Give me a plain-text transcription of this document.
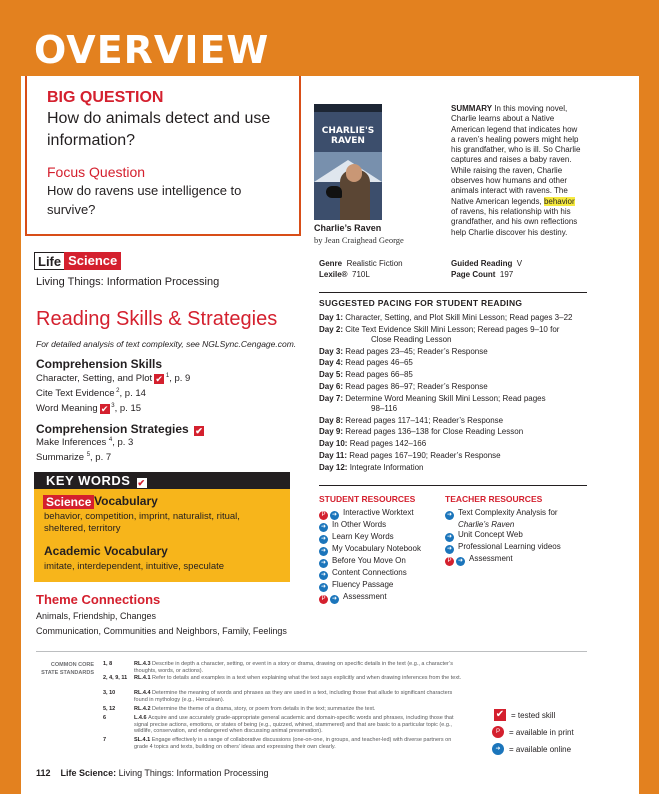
OVERVIEW
BIG QUESTION
How do animals detect and use information?
Focus Question
How do ravens use intelligence to survive?
CHARLIE'S RAVEN
Charlie’s Raven
by Jean Craighead George
SUMMARY In this moving novel, Charlie learns about a Native American legend that indicates how a raven’s healing powers might help his grandfather, who is ill. So Charlie captures and raises a baby raven. While raising the raven, Charlie observes how humans and other animals interact with ravens. The Native American legends, behavior of ravens, his relationship with his grandfather, and his own reflections help Charlie discover his destiny.
Genre Realistic Fiction	Guided Reading V
Lexile® 710L	Page Count 197
Life Science
Living Things: Information Processing
Reading Skills & Strategies
For detailed analysis of text complexity, see NGLSync.Cengage.com.
Comprehension Skills
Character, Setting, and Plot ✔ $^1$, p. 9
Cite Text Evidence $^2$, p. 14
Word Meaning ✔ $^3$, p. 15
Comprehension Strategies ✔
Make Inferences $^4$, p. 3
Summarize $^5$, p. 7
KEY WORDS ✔
Science Vocabulary
behavior, competition, imprint, naturalist, ritual, sheltered, territory
Academic Vocabulary
imitate, interdependent, intuitive, speculate
Theme Connections
Animals, Friendship, Changes
Communication, Communities and Neighbors, Family, Feelings
SUGGESTED PACING FOR STUDENT READING
Day 1: Character, Setting, and Plot Skill Mini Lesson; Read pages 3–22
Day 2: Cite Text Evidence Skill Mini Lesson; Reread pages 9–10 for
Close Reading Lesson
Day 3: Read pages 23–45; Reader’s Response
Day 4: Read pages 46–65
Day 5: Read pages 66–85
Day 6: Read pages 86–97; Reader’s Response
Day 7: Determine Word Meaning Skill Mini Lesson; Read pages
98–116
Day 8: Reread pages 117–141; Reader’s Response
Day 9: Reread pages 136–138 for Close Reading Lesson
Day 10: Read pages 142–166
Day 11: Read pages 167–190; Reader’s Response
Day 12: Integrate Information
STUDENT RESOURCES	TEACHER RESOURCES
P ➜ Interactive Worktext
➜ In Other Words
➜ Learn Key Words
➜ My Vocabulary Notebook
➜ Before You Move On
➜ Content Connections
➜ Fluency Passage
P ➜ Assessment
➜ Text Complexity Analysis for
Charlie’s Raven
➜ Unit Concept Web
➜ Professional Learning videos
P ➜ Assessment
COMMON CORE STATE STANDARDS
1, 8	RL.4.3 Describe in depth a character, setting, or event in a story or drama, drawing on specific details in the text (e.g., a character’s thoughts, words, or actions).
2, 4, 9, 11	RL.4.1 Refer to details and examples in a text when explaining what the text says explicitly and when drawing inferences from the text.
3, 10	RL.4.4 Determine the meaning of words and phrases as they are used in a text, including those that allude to significant characters found in mythology (e.g., Herculean).
5, 12	RL.4.2 Determine the theme of a drama, story, or poem from details in the text; summarize the text.
6	L.4.6 Acquire and use accurately grade-appropriate general academic and domain-specific words and phrases, including those that signal precise actions, emotions, or states of being (e.g., quizzed, whined, stammered) and that are basic to a particular topic (e.g., wildlife, conservation, and endangered when discussing animal preservation).
7	SL.4.1 Engage effectively in a range of collaborative discussions (one-on-one, in groups, and teacher-led) with diverse partners on grade 4 topics and texts, building on others’ ideas and expressing their own clearly.
✔ = tested skill
P	= available in print
➜	= available online
112 Life Science: Living Things: Information Processing
